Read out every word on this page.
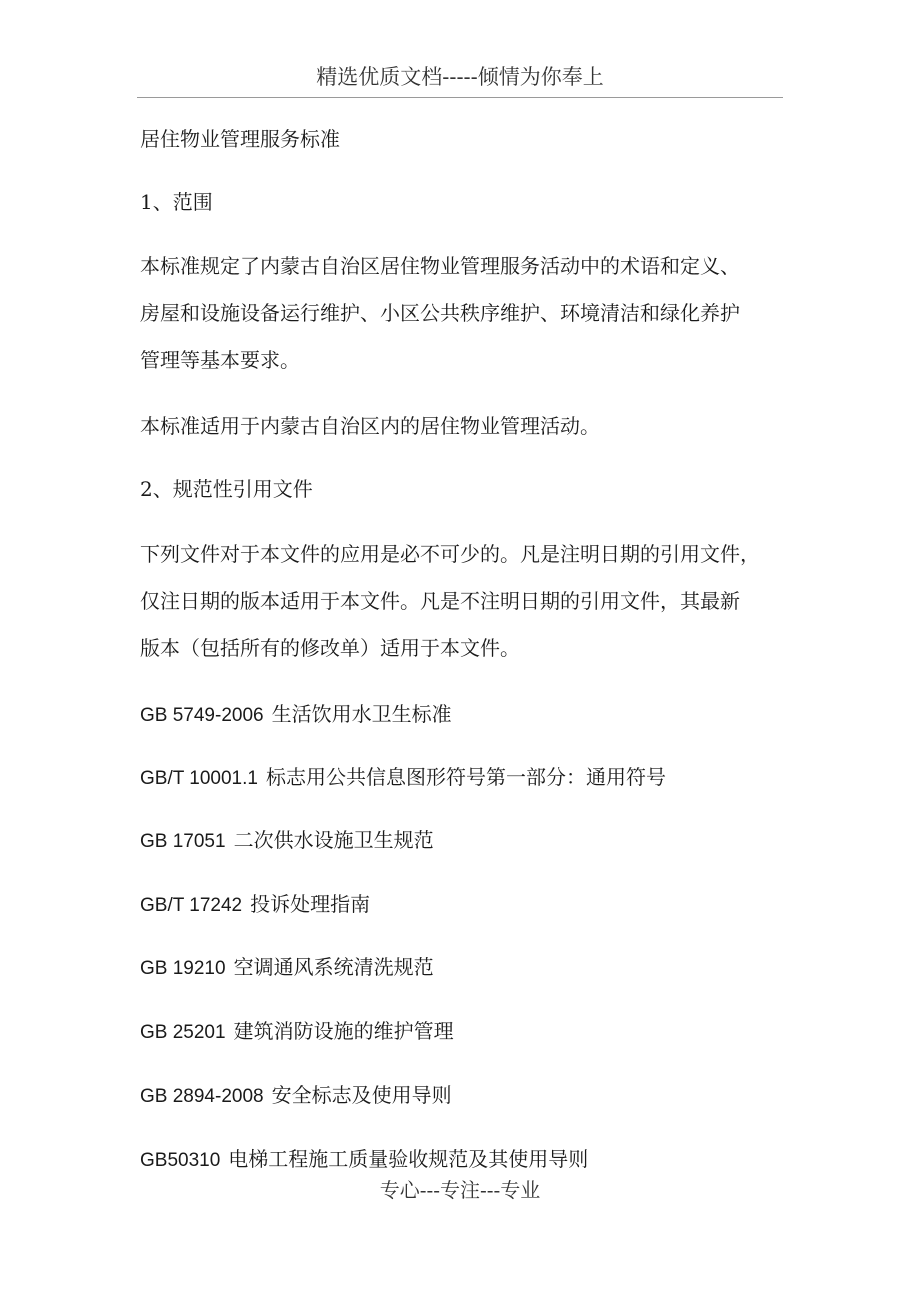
精选优质文档-----倾情为你奉上
居住物业管理服务标准
1、范围
本标准规定了内蒙古自治区居住物业管理服务活动中的术语和定义、
房屋和设施设备运行维护、小区公共秩序维护、环境清洁和绿化养护
管理等基本要求。
本标准适用于内蒙古自治区内的居住物业管理活动。
2、规范性引用文件
下列文件对于本文件的应用是必不可少的。凡是注明日期的引用文件，
仅注日期的版本适用于本文件。凡是不注明日期的引用文件，其最新
版本（包括所有的修改单）适用于本文件。
GB 5749-2006 生活饮用水卫生标准
GB/T 10001.1 标志用公共信息图形符号第一部分：通用符号
GB 17051 二次供水设施卫生规范
GB/T 17242 投诉处理指南
GB 19210 空调通风系统清洗规范
GB 25201 建筑消防设施的维护管理
GB 2894-2008 安全标志及使用导则
GB50310 电梯工程施工质量验收规范及其使用导则
专心---专注---专业
